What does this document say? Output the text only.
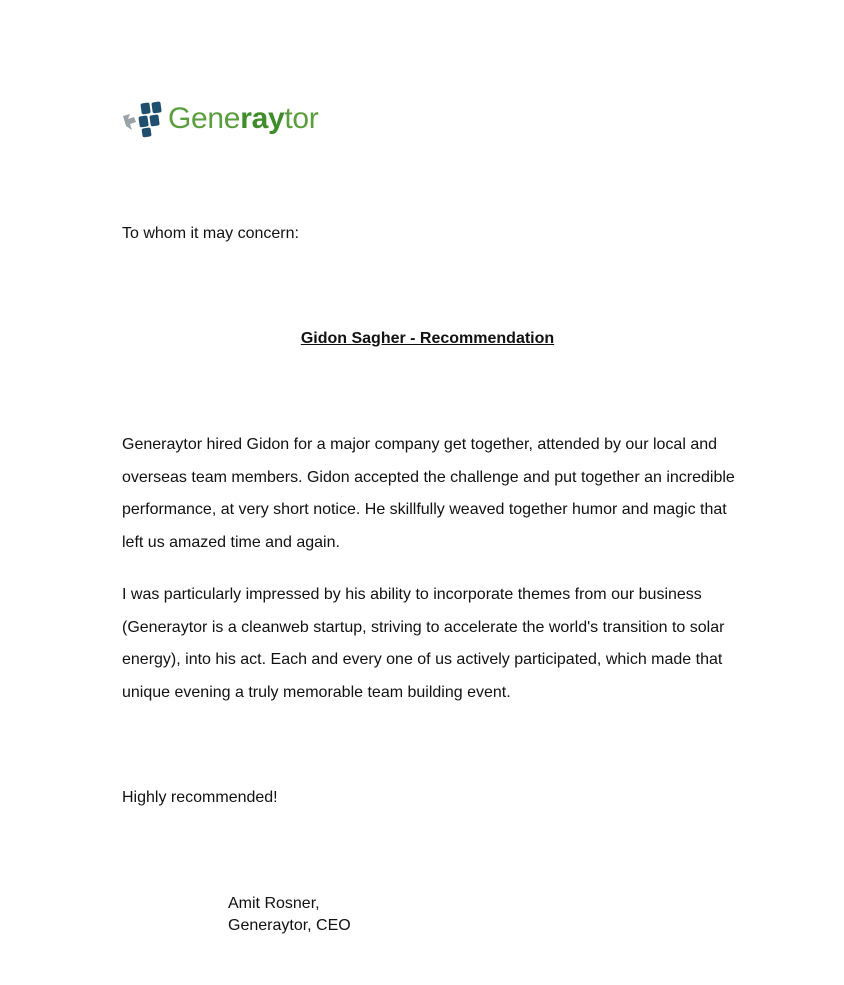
Generaytor
To whom it may concern:
Gidon Sagher - Recommendation

Generaytor hired Gidon for a major company get together, attended by our local and overseas team members. Gidon accepted the challenge and put together an incredible performance, at very short notice. He skillfully weaved together humor and magic that left us amazed time and again.

I was particularly impressed by his ability to incorporate themes from our business (Generaytor is a cleanweb startup, striving to accelerate the world's transition to solar energy), into his act. Each and every one of us actively participated, which made that unique evening a truly memorable team building event.

Highly recommended!
Amit Rosner,
Generaytor, CEO
